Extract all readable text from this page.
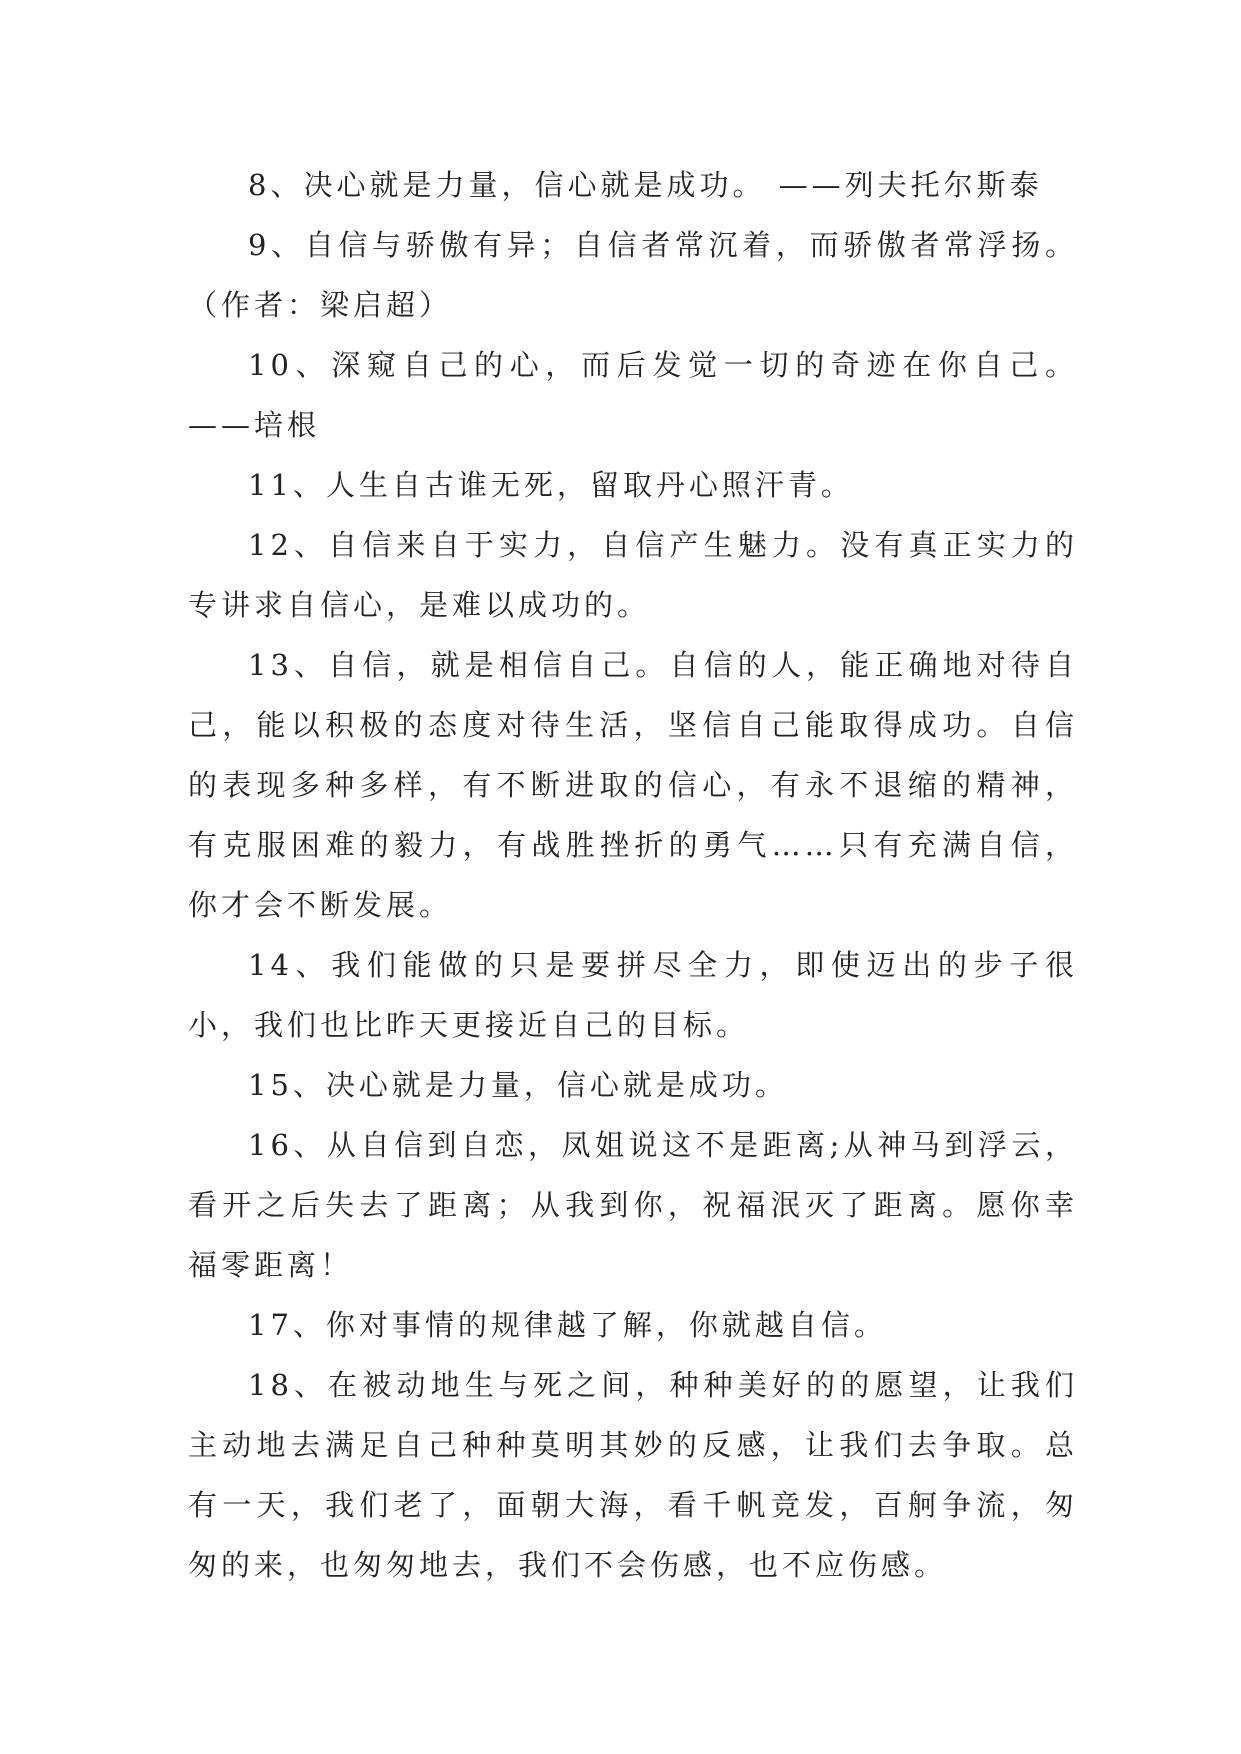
8、决心就是力量，信心就是成功。 ——列夫托尔斯泰

9、自信与骄傲有异；自信者常沉着，而骄傲者常浮扬。（作者：梁启超）

10、深窥自己的心，而后发觉一切的奇迹在你自己。——培根

11、人生自古谁无死，留取丹心照汗青。

12、自信来自于实力，自信产生魅力。没有真正实力的专讲求自信心，是难以成功的。

13、自信，就是相信自己。自信的人，能正确地对待自己，能以积极的态度对待生活，坚信自己能取得成功。自信的表现多种多样，有不断进取的信心，有永不退缩的精神，有克服困难的毅力，有战胜挫折的勇气……只有充满自信，你才会不断发展。

14、我们能做的只是要拼尽全力，即使迈出的步子很小，我们也比昨天更接近自己的目标。

15、决心就是力量，信心就是成功。

16、从自信到自恋，凤姐说这不是距离;从神马到浮云，看开之后失去了距离；从我到你，祝福泯灭了距离。愿你幸福零距离！

17、你对事情的规律越了解，你就越自信。

18、在被动地生与死之间，种种美好的的愿望，让我们主动地去满足自己种种莫明其妙的反感，让我们去争取。总有一天，我们老了，面朝大海，看千帆竞发，百舸争流，匆匆的来，也匆匆地去，我们不会伤感，也不应伤感。
